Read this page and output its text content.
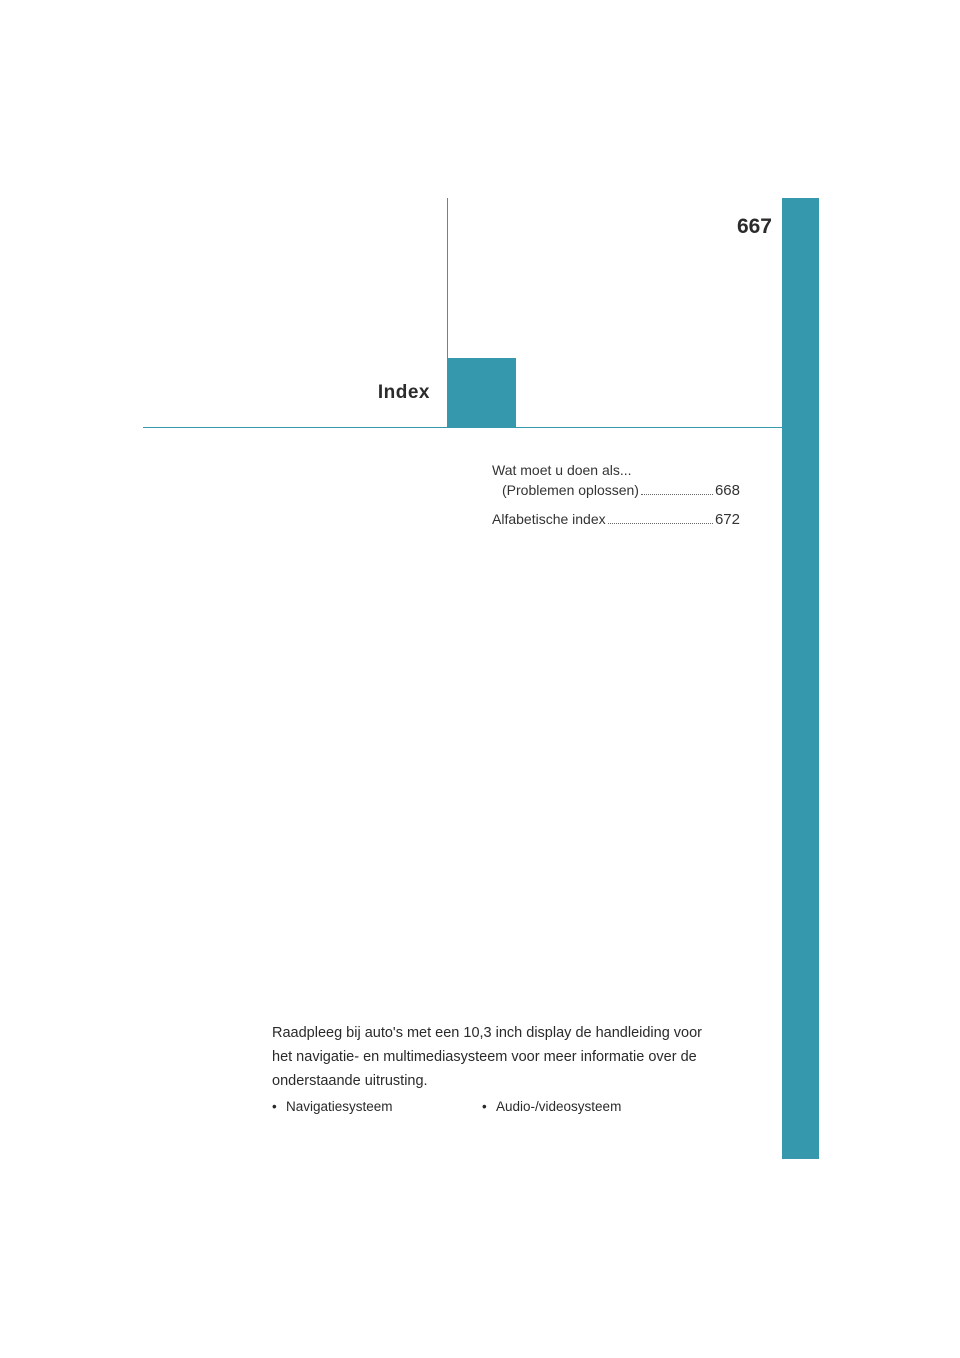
667
Index
Wat moet u doen als...
(Problemen oplossen)	668
Alfabetische index	672
Raadpleeg bij auto's met een 10,3 inch display de handleiding voor het navigatie- en multimediasysteem voor meer informatie over de onderstaande uitrusting.
• Navigatiesysteem	• Audio-/videosysteem
